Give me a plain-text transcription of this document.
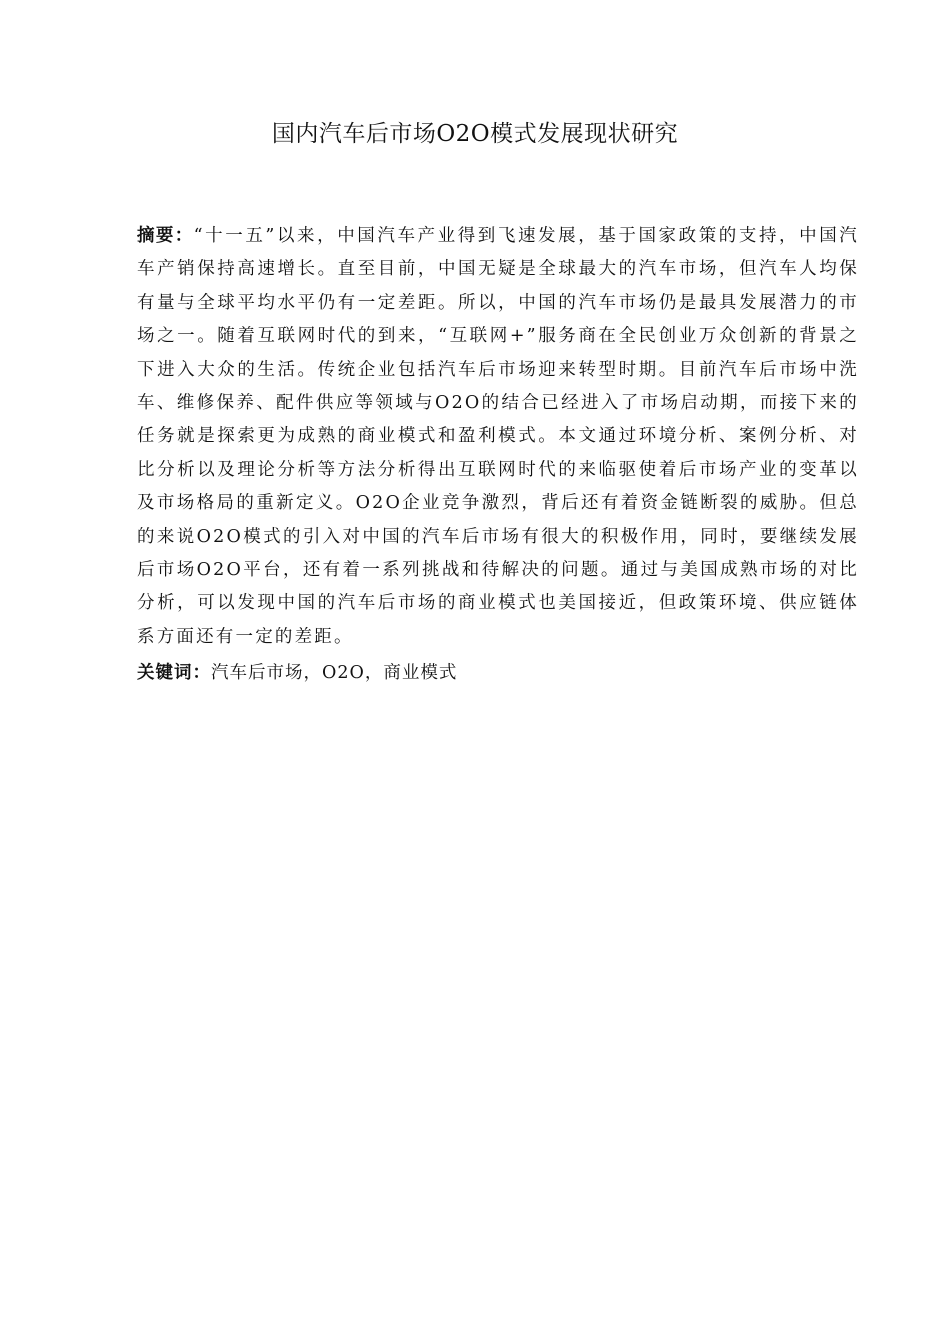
国内汽车后市场O2O模式发展现状研究

摘要：“十一五”以来，中国汽车产业得到飞速发展，基于国家政策的支持，中国汽车产销保持高速增长。直至目前，中国无疑是全球最大的汽车市场，但汽车人均保有量与全球平均水平仍有一定差距。所以，中国的汽车市场仍是最具发展潜力的市场之一。随着互联网时代的到来，“互联网+”服务商在全民创业万众创新的背景之下进入大众的生活。传统企业包括汽车后市场迎来转型时期。目前汽车后市场中洗车、维修保养、配件供应等领域与O2O的结合已经进入了市场启动期，而接下来的任务就是探索更为成熟的商业模式和盈利模式。本文通过环境分析、案例分析、对比分析以及理论分析等方法分析得出互联网时代的来临驱使着后市场产业的变革以及市场格局的重新定义。O2O企业竞争激烈，背后还有着资金链断裂的威胁。但总的来说O2O模式的引入对中国的汽车后市场有很大的积极作用，同时，要继续发展后市场O2O平台，还有着一系列挑战和待解决的问题。通过与美国成熟市场的对比分析，可以发现中国的汽车后市场的商业模式也美国接近，但政策环境、供应链体系方面还有一定的差距。

关键词：汽车后市场，O2O，商业模式
